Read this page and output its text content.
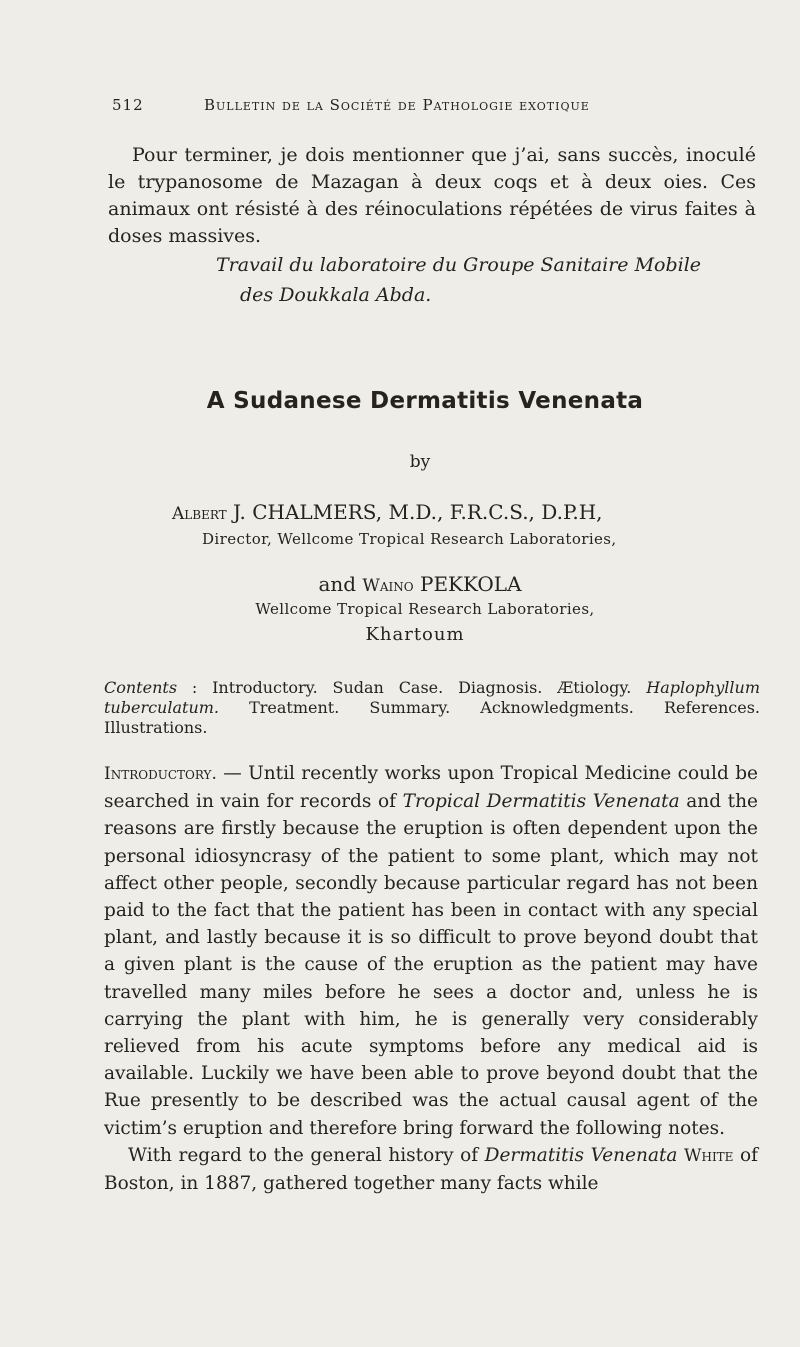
512	Bulletin de la Société de Pathologie exotique

Pour terminer, je dois mentionner que j’ai, sans succès, inoculé le trypanosome de Mazagan à deux coqs et à deux oies. Ces animaux ont résisté à des réinoculations répétées de virus faites à doses massives.

Travail du laboratoire du Groupe Sanitaire Mobile
des Doukkala Abda.

A Sudanese Dermatitis Venenata
by
Albert J. CHALMERS, M.D., F.R.C.S., D.P.H,
Director, Wellcome Tropical Research Laboratories,
and Waino PEKKOLA
Wellcome Tropical Research Laboratories,
Khartoum

Contents : Introductory. Sudan Case. Diagnosis. Ætiology. Haplophyllum tuberculatum. Treatment. Summary. Acknowledgments. References. Illustrations.

Introductory. — Until recently works upon Tropical Medicine could be searched in vain for records of Tropical Dermatitis Venenata and the reasons are firstly because the eruption is often dependent upon the personal idiosyncrasy of the patient to some plant, which may not affect other people, secondly because particular regard has not been paid to the fact that the patient has been in contact with any special plant, and lastly because it is so difficult to prove beyond doubt that a given plant is the cause of the eruption as the patient may have travelled many miles before he sees a doctor and, unless he is carrying the plant with him, he is generally very considerably relieved from his acute symptoms before any medical aid is available. Luckily we have been able to prove beyond doubt that the Rue presently to be described was the actual causal agent of the victim’s eruption and therefore bring forward the following notes.
With regard to the general history of Dermatitis Venenata White of Boston, in 1887, gathered together many facts while
